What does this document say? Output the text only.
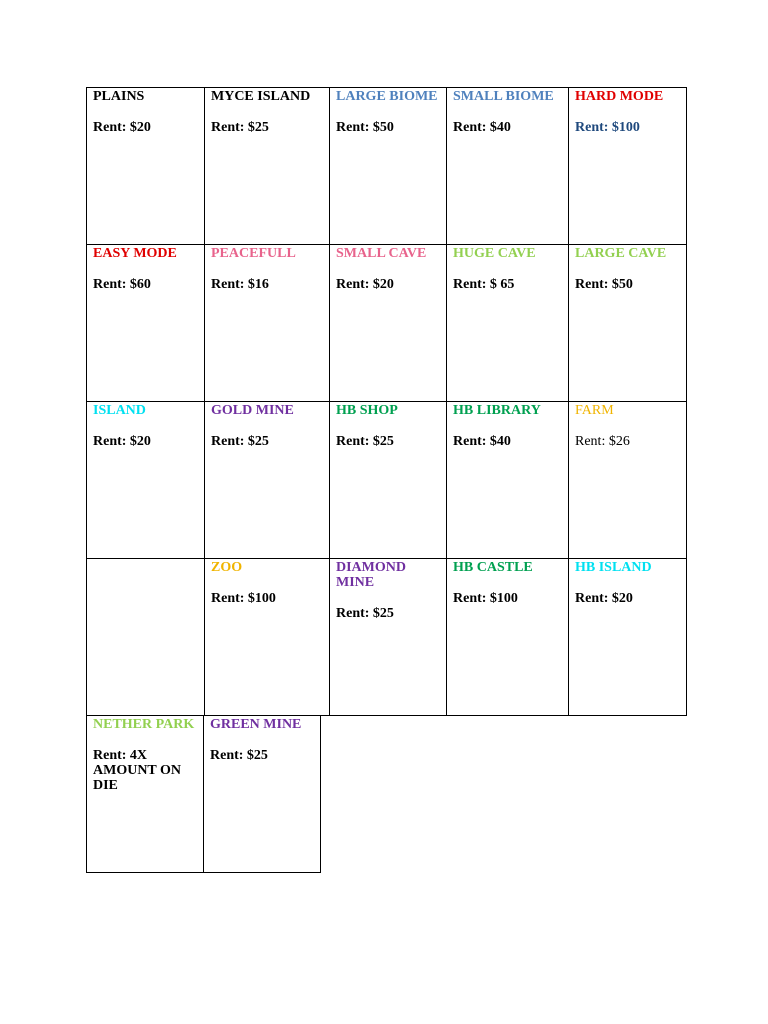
PLAINS
Rent: $20
MYCE ISLAND
Rent: $25
LARGE BIOME
Rent: $50
SMALL BIOME
Rent: $40
HARD MODE
Rent: $100
EASY MODE
Rent: $60
PEACEFULL
Rent: $16
SMALL CAVE
Rent: $20
HUGE CAVE
Rent: $ 65
LARGE CAVE
Rent: $50
ISLAND
Rent: $20
GOLD MINE
Rent: $25
HB SHOP
Rent: $25
HB LIBRARY
Rent: $40
FARM
Rent: $26
ZOO
Rent: $100
DIAMOND MINE
Rent: $25
HB CASTLE
Rent: $100
HB ISLAND
Rent: $20
NETHER PARK
Rent: 4X AMOUNT ON DIE
GREEN MINE
Rent: $25
